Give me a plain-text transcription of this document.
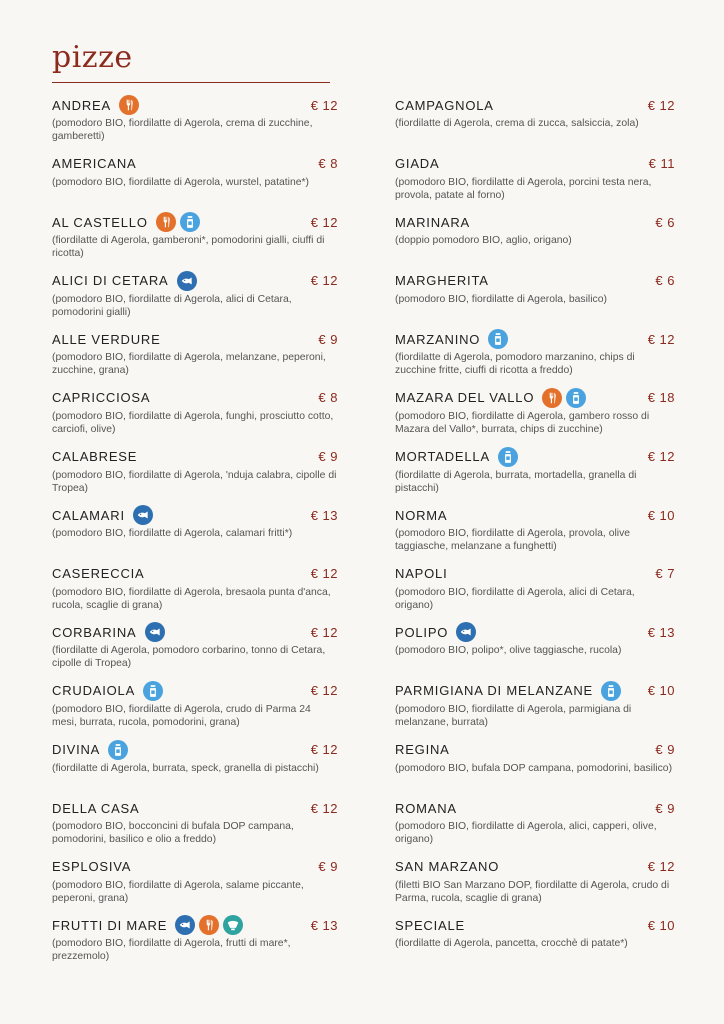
pizze
ANDREA	€ 12
(pomodoro BIO, fiordilatte di Agerola, crema di zucchine, gamberetti)
AMERICANA	€ 8
(pomodoro BIO, fiordilatte di Agerola, wurstel, patatine*)
AL CASTELLO	€ 12
(fiordilatte di Agerola, gamberoni*, pomodorini gialli, ciuffi di ricotta)
ALICI DI CETARA	€ 12
(pomodoro BIO, fiordilatte di Agerola, alici di Cetara, pomodorini gialli)
ALLE VERDURE	€ 9
(pomodoro BIO, fiordilatte di Agerola, melanzane, peperoni, zucchine, grana)
CAPRICCIOSA	€ 8
(pomodoro BIO, fiordilatte di Agerola, funghi, prosciutto cotto, carciofi, olive)
CALABRESE	€ 9
(pomodoro BIO, fiordilatte di Agerola, 'nduja calabra, cipolle di Tropea)
CALAMARI	€ 13
(pomodoro BIO, fiordilatte di Agerola, calamari fritti*)
CASERECCIA	€ 12
(pomodoro BIO, fiordilatte di Agerola, bresaola punta d'anca, rucola, scaglie di grana)
CORBARINA	€ 12
(fiordilatte di Agerola, pomodoro corbarino, tonno di Cetara, cipolle di Tropea)
CRUDAIOLA	€ 12
(pomodoro BIO, fiordilatte di Agerola, crudo di Parma 24 mesi, burrata, rucola, pomodorini, grana)
DIVINA	€ 12
(fiordilatte di Agerola, burrata, speck, granella di pistacchi)
DELLA CASA	€ 12
(pomodoro BIO, bocconcini di bufala DOP campana, pomodorini, basilico e olio a freddo)
ESPLOSIVA	€ 9
(pomodoro BIO, fiordilatte di Agerola, salame piccante, peperoni, grana)
FRUTTI DI MARE	€ 13
(pomodoro BIO, fiordilatte di Agerola, frutti di mare*, prezzemolo)
CAMPAGNOLA	€ 12
(fiordilatte di Agerola, crema di zucca, salsiccia, zola)
GIADA	€ 11
(pomodoro BIO, fiordilatte di Agerola, porcini testa nera, provola, patate al forno)
MARINARA	€ 6
(doppio pomodoro BIO, aglio, origano)
MARGHERITA	€ 6
(pomodoro BIO, fiordilatte di Agerola, basilico)
MARZANINO	€ 12
(fiordilatte di Agerola, pomodoro marzanino, chips di zucchine fritte, ciuffi di ricotta a freddo)
MAZARA DEL VALLO	€ 18
(pomodoro BIO, fiordilatte di Agerola, gambero rosso di Mazara del Vallo*, burrata, chips di zucchine)
MORTADELLA	€ 12
(fiordilatte di Agerola, burrata, mortadella, granella di pistacchi)
NORMA	€ 10
(pomodoro BIO, fiordilatte di Agerola, provola, olive taggiasche, melanzane a funghetti)
NAPOLI	€ 7
(pomodoro BIO, fiordilatte di Agerola, alici di Cetara, origano)
POLIPO	€ 13
(pomodoro BIO, polipo*, olive taggiasche, rucola)
PARMIGIANA DI MELANZANE	€ 10
(pomodoro BIO, fiordilatte di Agerola, parmigiana di melanzane, burrata)
REGINA	€ 9
(pomodoro BIO, bufala DOP campana, pomodorini, basilico)
ROMANA	€ 9
(pomodoro BIO, fiordilatte di Agerola, alici, capperi, olive, origano)
SAN MARZANO	€ 12
(filetti BIO San Marzano DOP, fiordilatte di Agerola, crudo di Parma, rucola, scaglie di grana)
SPECIALE	€ 10
(fiordilatte di Agerola, pancetta, crocchè di patate*)
